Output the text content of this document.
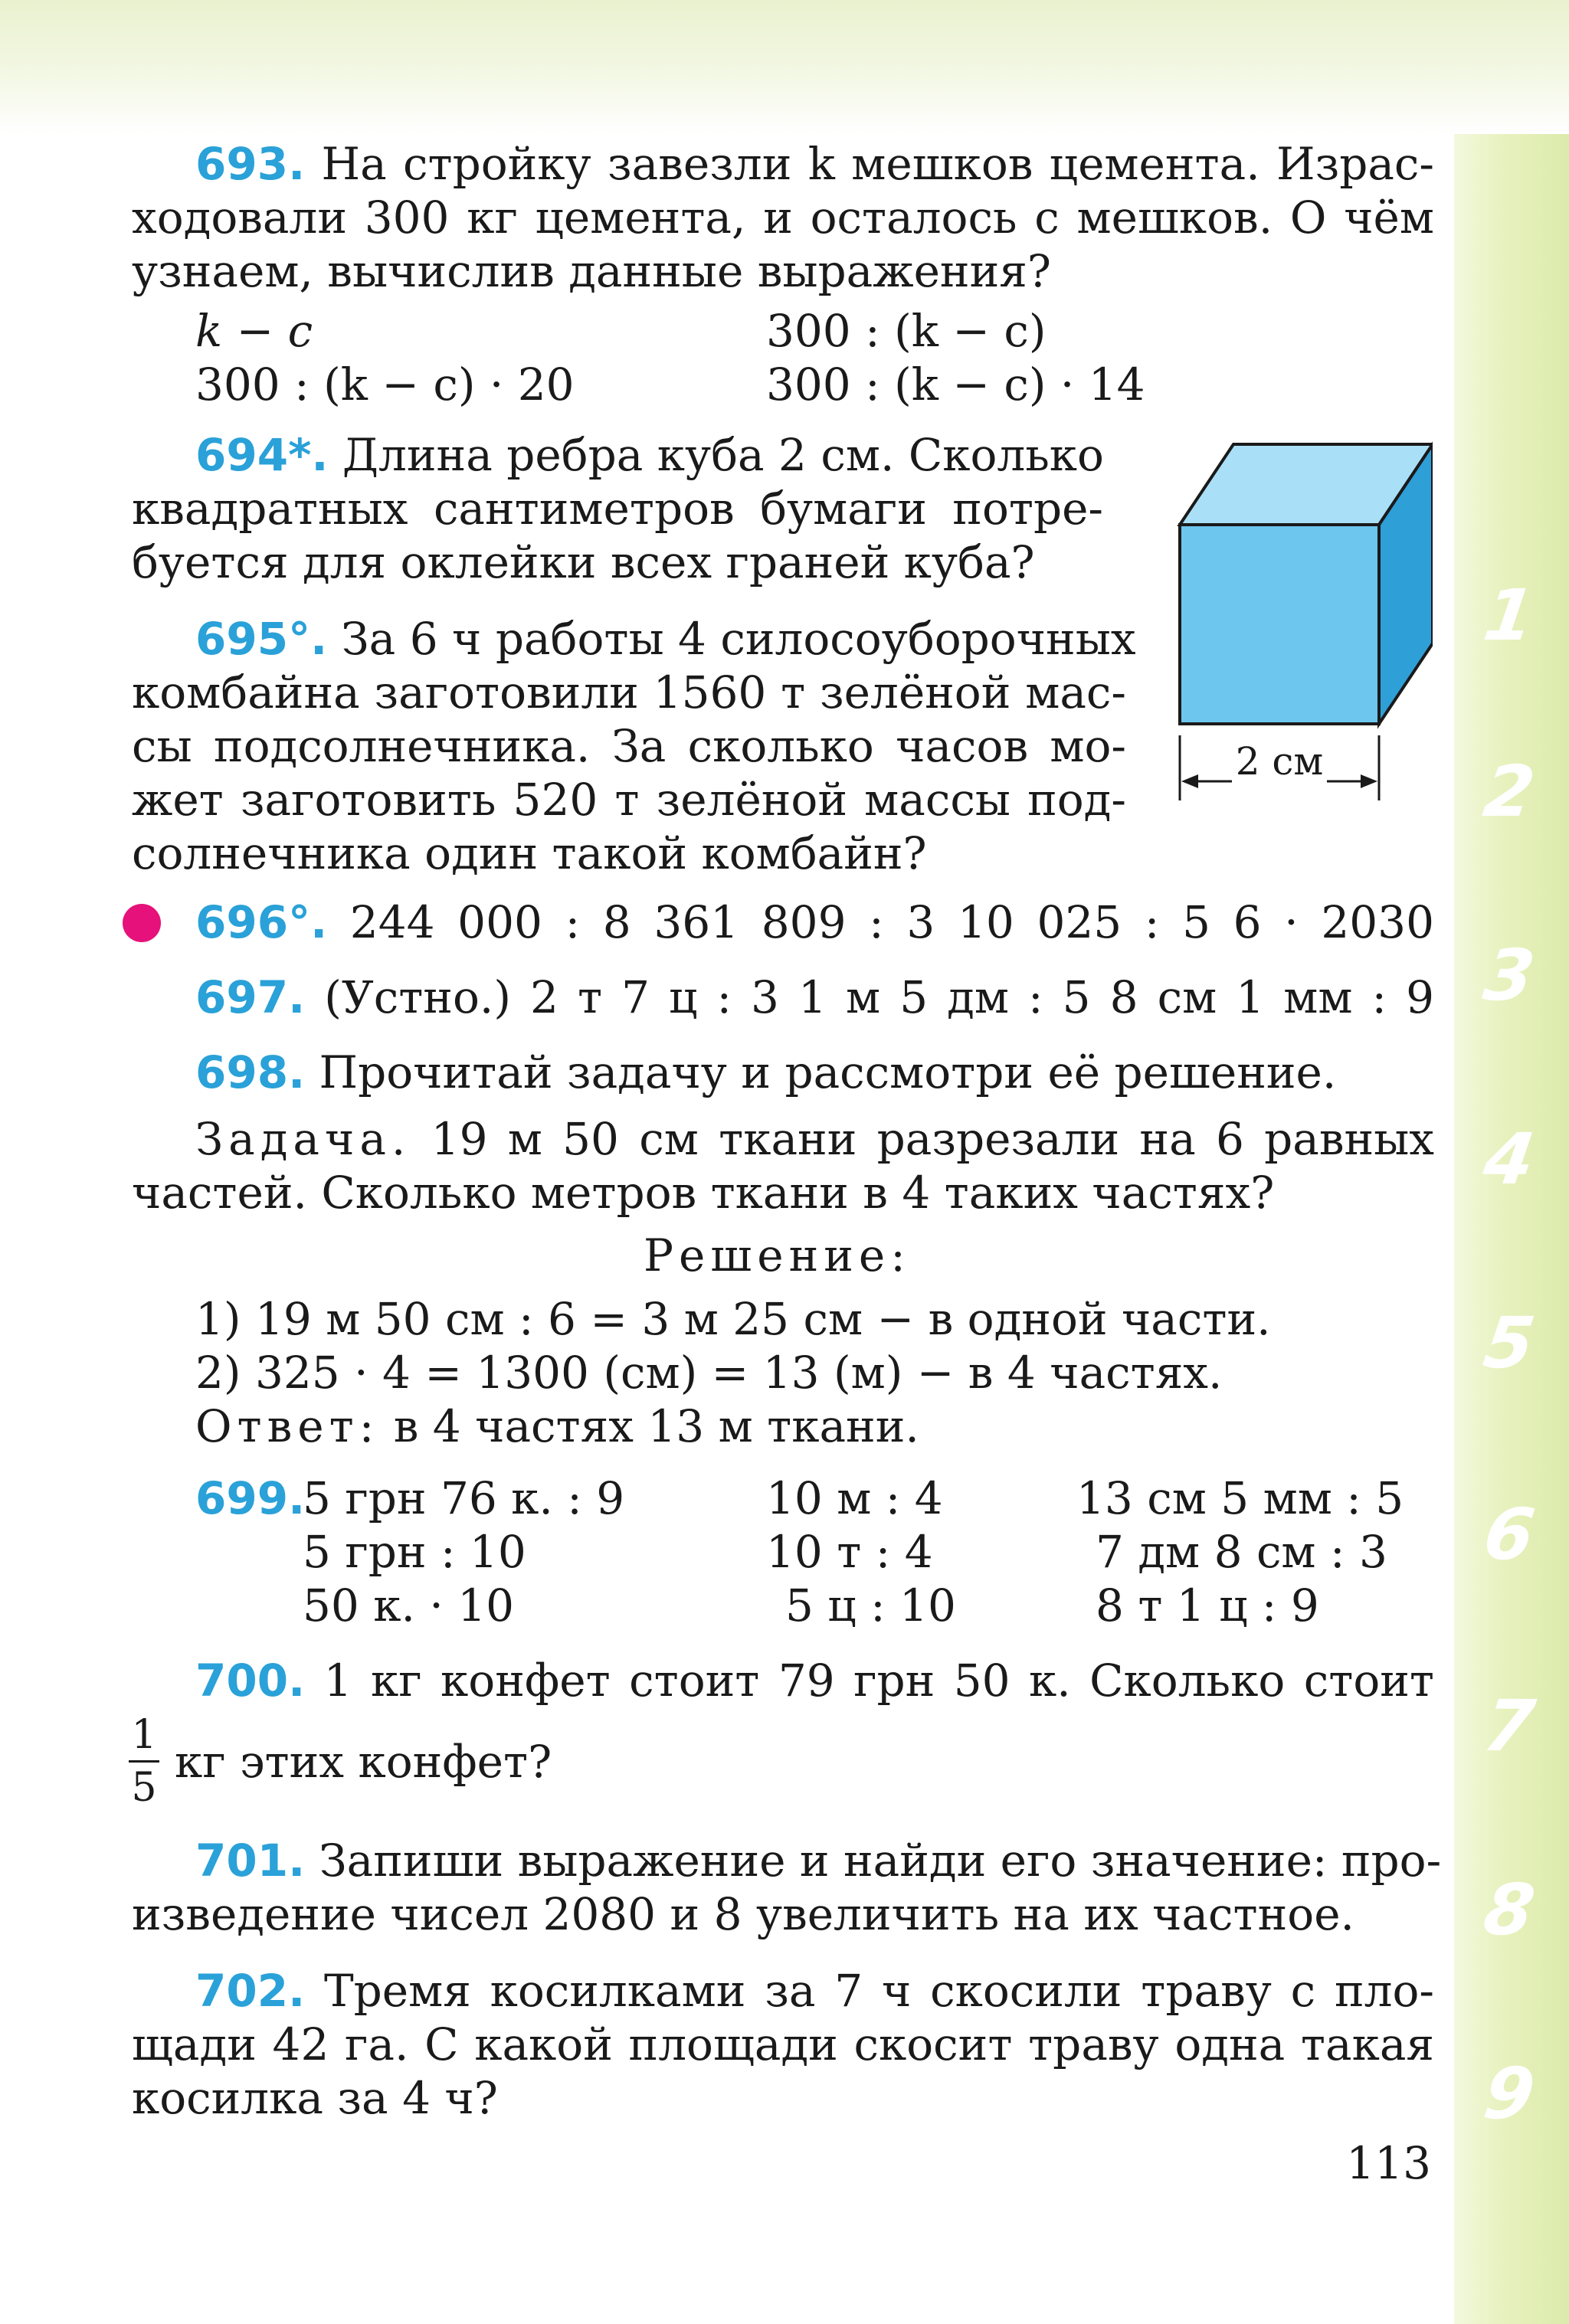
1
2
3
4
5
6
7
8
9
693. На стройку завезли k мешков цемента. Израс-
ходовали 300 кг цемента, и осталось c мешков. О чём
узнаем, вычислив данные выражения?
k − c	300 : (k − c)
300 : (k − с) · 20	300 : (k − с) · 14
694*. Длина ребра куба 2 см. Сколько
квадратных сантиметров бумаги потре-
буется для оклейки всех граней куба?
695°. За 6 ч работы 4 силосоуборочных
комбайна заготовили 1560 т зелёной мас-
сы подсолнечника. За сколько часов мо-
жет заготовить 520 т зелёной массы под-
солнечника один такой комбайн?
2 см
696°. 244 000 : 8 361 809 : 3 10 025 : 5 6 · 2030
697. (Устно.) 2 т 7 ц : 3 1 м 5 дм : 5 8 см 1 мм : 9
698. Прочитай задачу и рассмотри её решение.
Задача. 19 м 50 см ткани разрезали на 6 равных
частей. Сколько метров ткани в 4 таких частях?
Решение:
1) 19 м 50 см : 6 = 3 м 25 см − в одной части.
2) 325 · 4 = 1300 (см) = 13 (м) − в 4 частях.
Ответ: в 4 частях 13 м ткани.
699.
5 грн 76 к. : 9	10 м : 4	13 см 5 мм : 5
5 грн : 10	10 т : 4	7 дм 8 см : 3
50 к. · 10	5 ц : 10	8 т 1 ц : 9
700. 1 кг конфет стоит 79 грн 50 к. Сколько стоит
1
5 кг этих конфет?
701. Запиши выражение и найди его значение: про-
изведение чисел 2080 и 8 увеличить на их частное.
702. Тремя косилками за 7 ч скосили траву с пло-
щади 42 га. С какой площади скосит траву одна такая
косилка за 4 ч?
113
